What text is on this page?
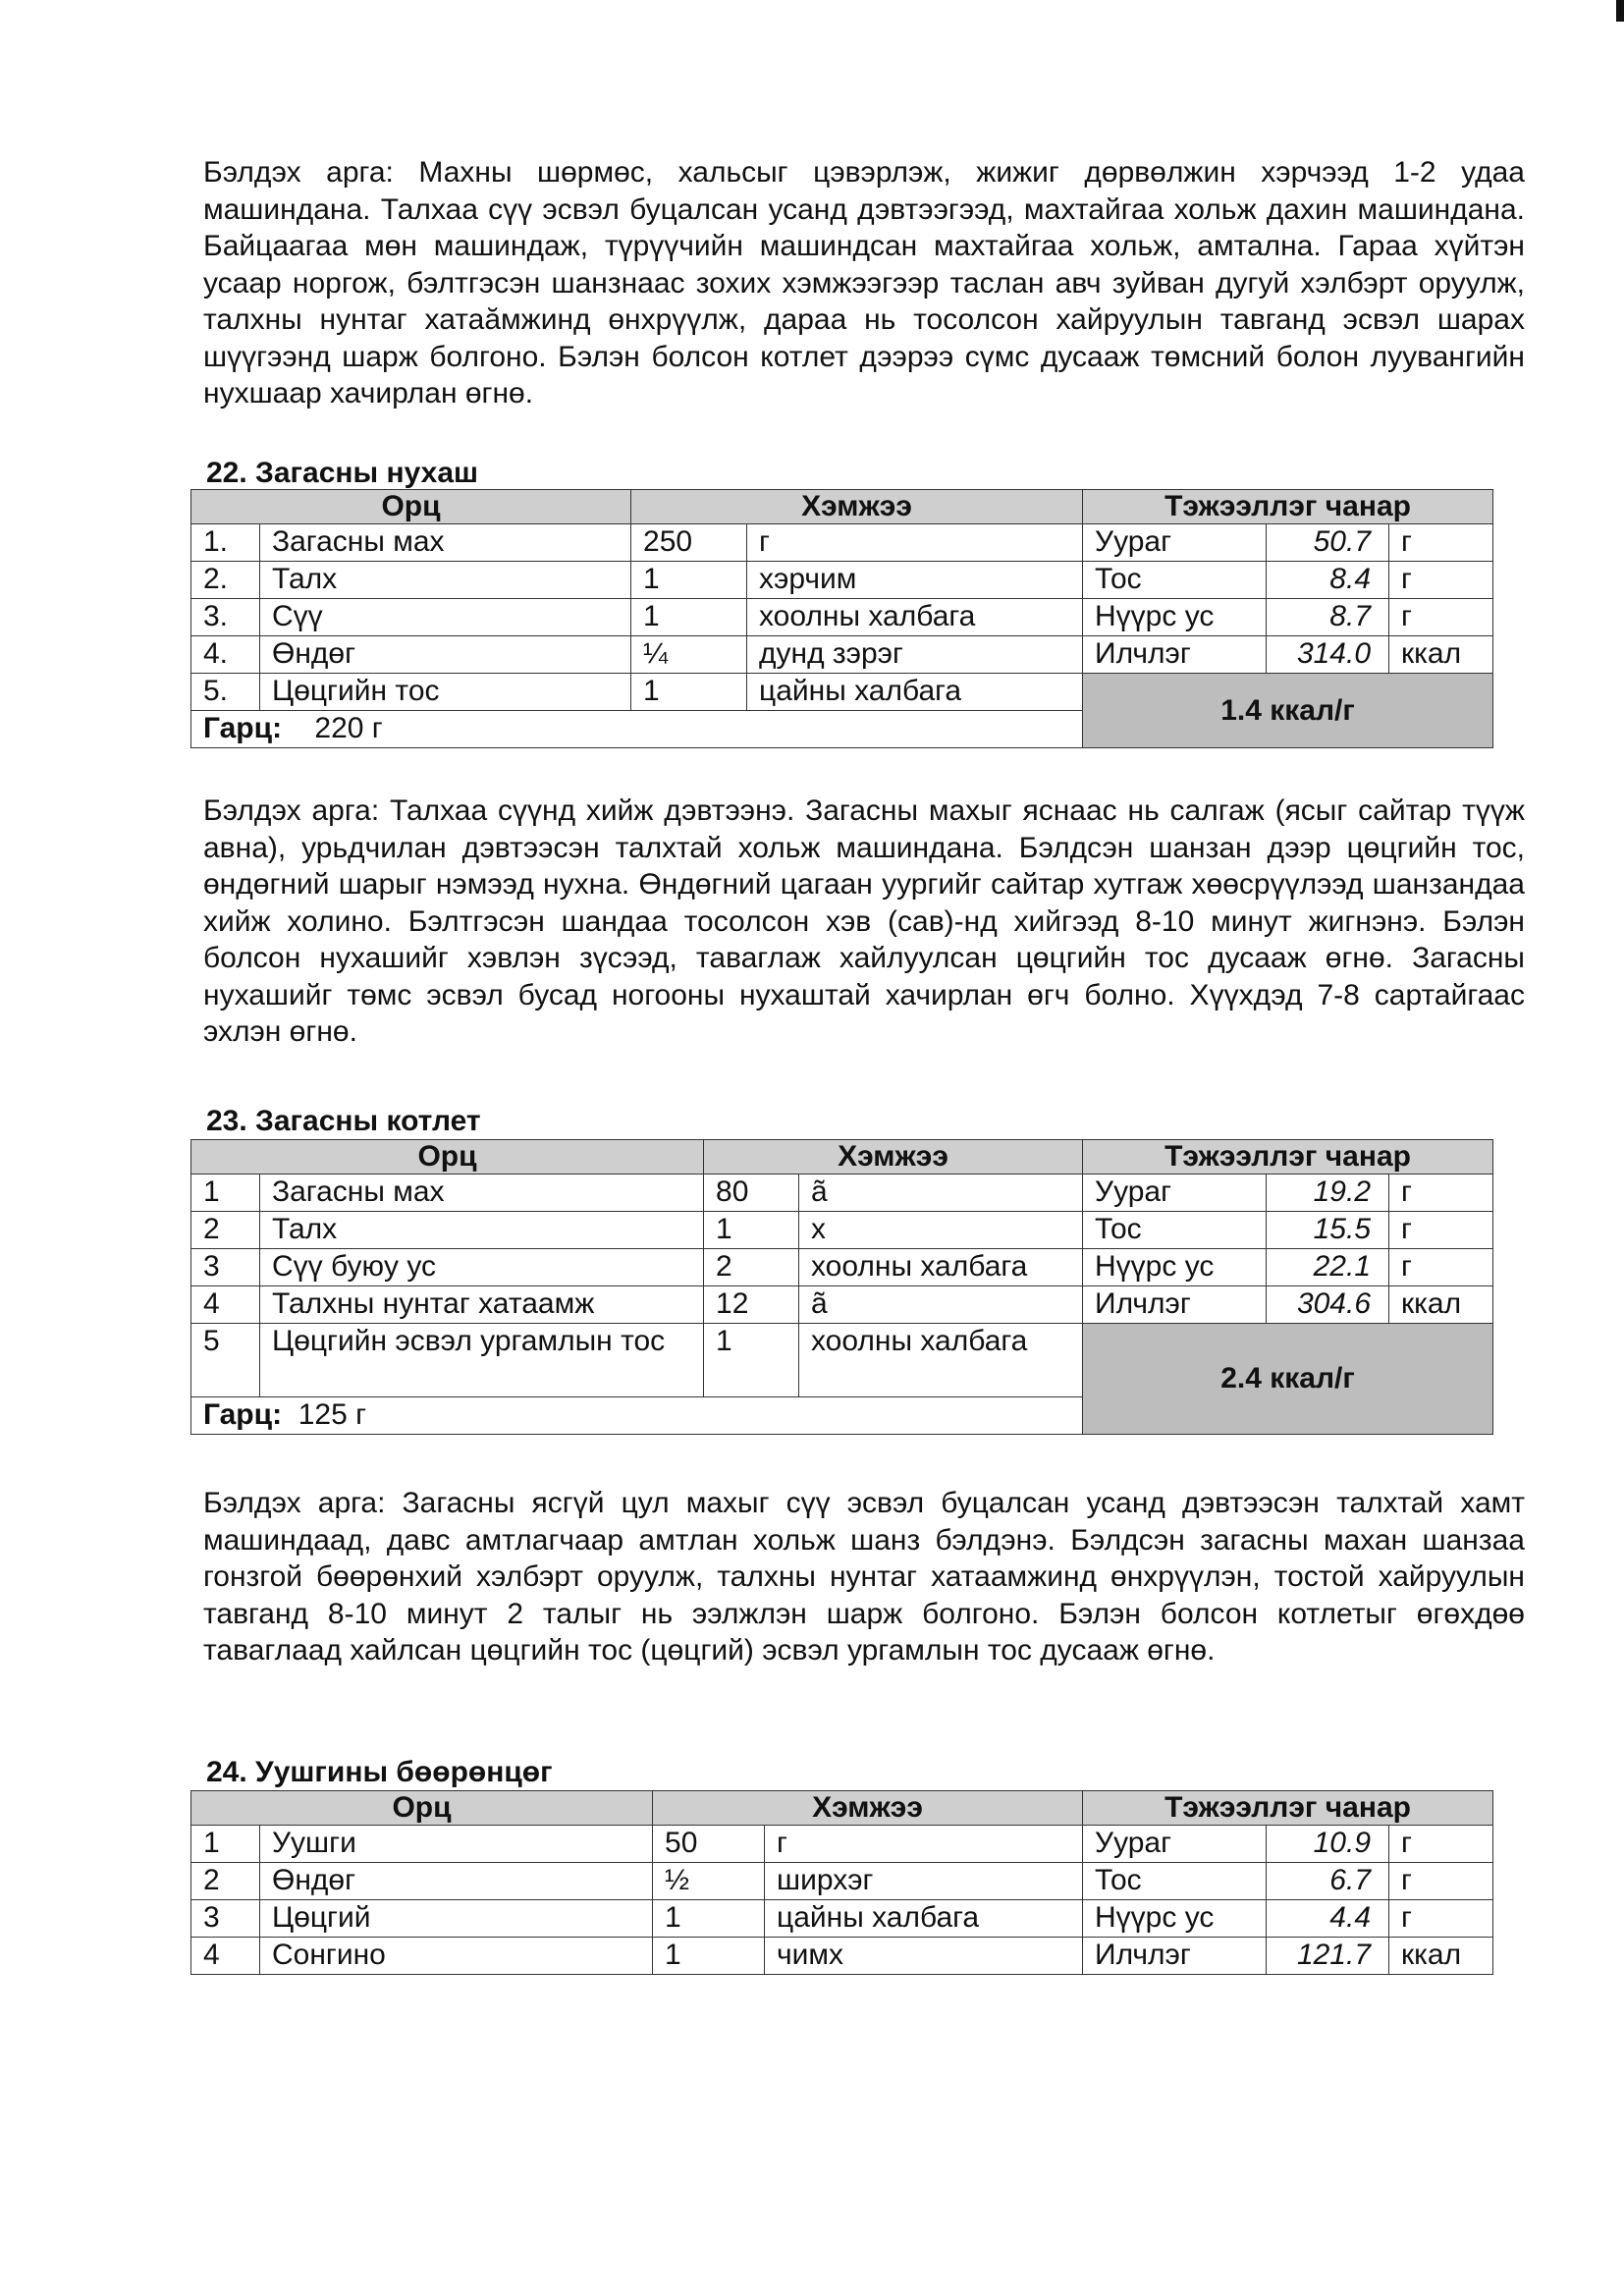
Бэлдэх арга: Махны шөрмөс, хальсыг цэвэрлэж, жижиг дөрвөлжин хэрчээд 1-2 удаа машиндана. Талхаа сүү эсвэл буцалсан усанд дэвтээгээд, махтайгаа хольж дахин машиндана. Байцаагаа мөн машиндаж, түрүүчийн машиндсан махтайгаа хольж, амтална. Гараа хүйтэн усаар норгож, бэлтгэсэн шанзнаас зохих хэмжээгээр таслан авч зуйван дугуй хэлбэрт оруулж, талхны нунтаг хатаӑмжинд өнхрүүлж, дараа нь тосолсон хайруулын тавганд эсвэл шарах шүүгээнд шарж болгоно. Бэлэн болсон котлет дээрээ сүмс дусааж төмсний болон луувангийн нухшаар хачирлан өгнө.

22. Загасны нухаш
Орц		Хэмжээ		Тэжээллэг чанар		
1.	Загасны мах	250	г	Уураг	50.7	г
2.	Талх	1	хэрчим	Тос	8.4	г
3.	Сүү	1	хоолны халбага	Нүүрс ус	8.7	г
4.	Өндөг	¼	дунд зэрэг	Илчлэг	314.0	ккал
5.	Цөцгийн тос	1	цайны халбага	1.4 ккал/г		
Гарц: 220 г						

Бэлдэх арга: Талхаа сүүнд хийж дэвтээнэ. Загасны махыг яснаас нь салгаж (ясыг сайтар түүж авна), урьдчилан дэвтээсэн талхтай хольж машиндана. Бэлдсэн шанзан дээр цөцгийн тос, өндөгний шарыг нэмээд нухна. Өндөгний цагаан уургийг сайтар хутгаж хөөсрүүлээд шанзандаа хийж холино. Бэлтгэсэн шандаа тосолсон хэв (сав)-нд хийгээд 8-10 минут жигнэнэ. Бэлэн болсон нухашийг хэвлэн зүсээд, таваглаж хайлуулсан цөцгийн тос дусааж өгнө. Загасны нухашийг төмс эсвэл бусад ногооны нухаштай хачирлан өгч болно. Хүүхдэд 7-8 сартайгаас эхлэн өгнө.

23. Загасны котлет
Орц		Хэмжээ		Тэжээллэг чанар		
1	Загасны мах	80	ã	Уураг	19.2	г
2	Талх	1	х	Тос	15.5	г
3	Сүү буюу ус	2	хоолны халбага	Нүүрс ус	22.1	г
4	Талхны нунтаг хатаамж	12	ã	Илчлэг	304.6	ккал
5	Цөцгийн эсвэл ургамлын тос	1	хоолны халбага	2.4 ккал/г		
Гарц: 125 г						

Бэлдэх арга: Загасны ясгүй цул махыг сүү эсвэл буцалсан усанд дэвтээсэн талхтай хамт машиндаад, давс амтлагчаар амтлан хольж шанз бэлдэнэ. Бэлдсэн загасны махан шанзаа гонзгой бөөрөнхий хэлбэрт оруулж, талхны нунтаг хатаамжинд өнхрүүлэн, тостой хайруулын тавганд 8-10 минут 2 талыг нь ээлжлэн шарж болгоно. Бэлэн болсон котлетыг өгөхдөө таваглаад хайлсан цөцгийн тос (цөцгий) эсвэл ургамлын тос дусааж өгнө.

24. Уушгины бөөрөнцөг
Орц		Хэмжээ		Тэжээллэг чанар		
1	Уушги	50	г	Уураг	10.9	г
2	Өндөг	½	ширхэг	Тос	6.7	г
3	Цөцгий	1	цайны халбага	Нүүрс ус	4.4	г
4	Сонгино	1	чимх	Илчлэг	121.7	ккал
